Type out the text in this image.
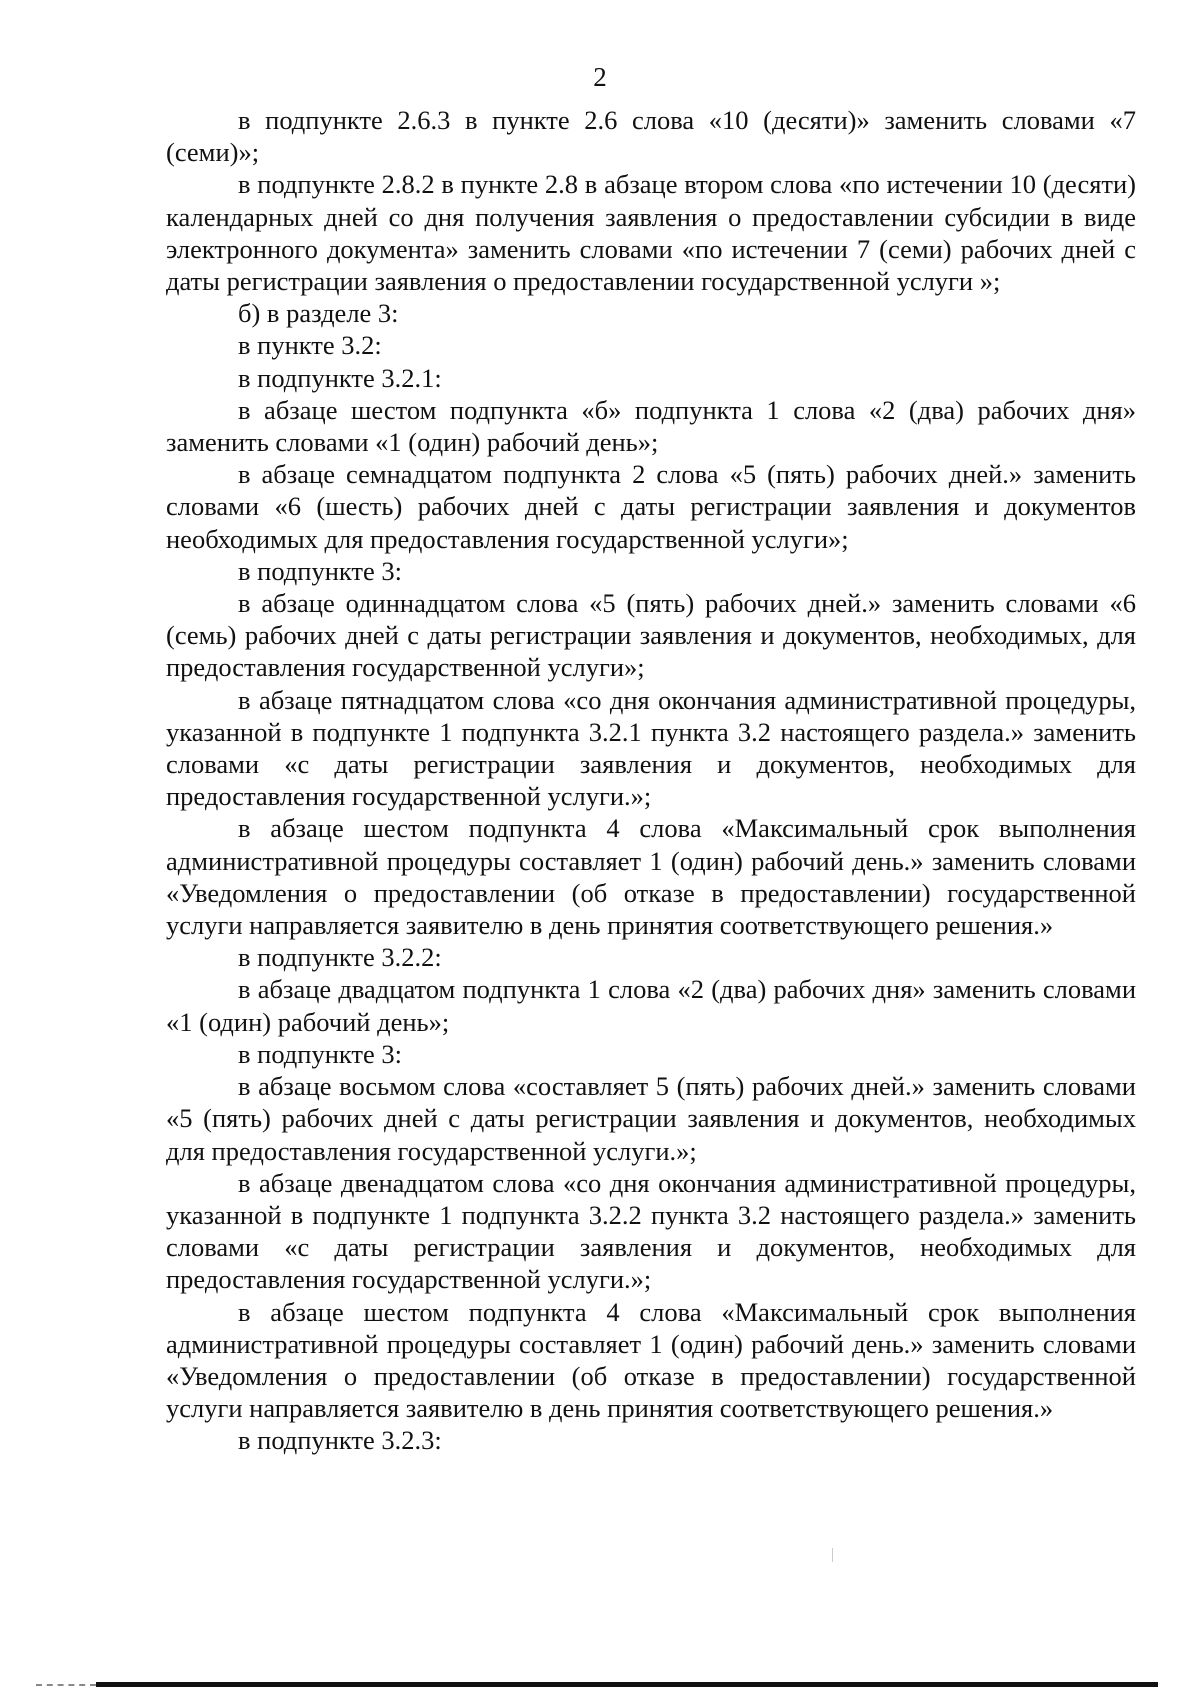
2

в подпункте 2.6.3 в пункте 2.6 слова «10 (десяти)» заменить словами «7 (семи)»;

в подпункте 2.8.2 в пункте 2.8 в абзаце втором слова «по истечении 10 (десяти) календарных дней со дня получения заявления о предоставлении субсидии в виде электронного документа» заменить словами «по истечении 7 (семи) рабочих дней с даты регистрации заявления о предоставлении государственной услуги »;

б) в разделе 3:

в пункте 3.2:

в подпункте 3.2.1:

в абзаце шестом подпункта «б» подпункта 1 слова «2 (два) рабочих дня» заменить словами «1 (один) рабочий день»;

в абзаце семнадцатом подпункта 2 слова «5 (пять) рабочих дней.» заменить словами «6 (шесть) рабочих дней с даты регистрации заявления и документов необходимых для предоставления государственной услуги»;

в подпункте 3:

в абзаце одиннадцатом слова «5 (пять) рабочих дней.» заменить словами «6 (семь) рабочих дней с даты регистрации заявления и документов, необходимых, для предоставления государственной услуги»;

в абзаце пятнадцатом слова «со дня окончания административной процедуры, указанной в подпункте 1 подпункта 3.2.1 пункта 3.2 настоящего раздела.» заменить словами «с даты регистрации заявления и документов, необходимых для предоставления государственной услуги.»;

в абзаце шестом подпункта 4 слова «Максимальный срок выполнения административной процедуры составляет 1 (один) рабочий день.» заменить словами «Уведомления о предоставлении (об отказе в предоставлении) государственной услуги направляется заявителю в день принятия соответствующего решения.»

в подпункте 3.2.2:

в абзаце двадцатом подпункта 1 слова «2 (два) рабочих дня» заменить словами «1 (один) рабочий день»;

в подпункте 3:

в абзаце восьмом слова «составляет 5 (пять) рабочих дней.» заменить словами «5 (пять) рабочих дней с даты регистрации заявления и документов, необходимых для предоставления государственной услуги.»;

в абзаце двенадцатом слова «со дня окончания административной процедуры, указанной в подпункте 1 подпункта 3.2.2 пункта 3.2 настоящего раздела.» заменить словами «с даты регистрации заявления и документов, необходимых для предоставления государственной услуги.»;

в абзаце шестом подпункта 4 слова «Максимальный срок выполнения административной процедуры составляет 1 (один) рабочий день.» заменить словами «Уведомления о предоставлении (об отказе в предоставлении) государственной услуги направляется заявителю в день принятия соответствующего решения.»

в подпункте 3.2.3:
